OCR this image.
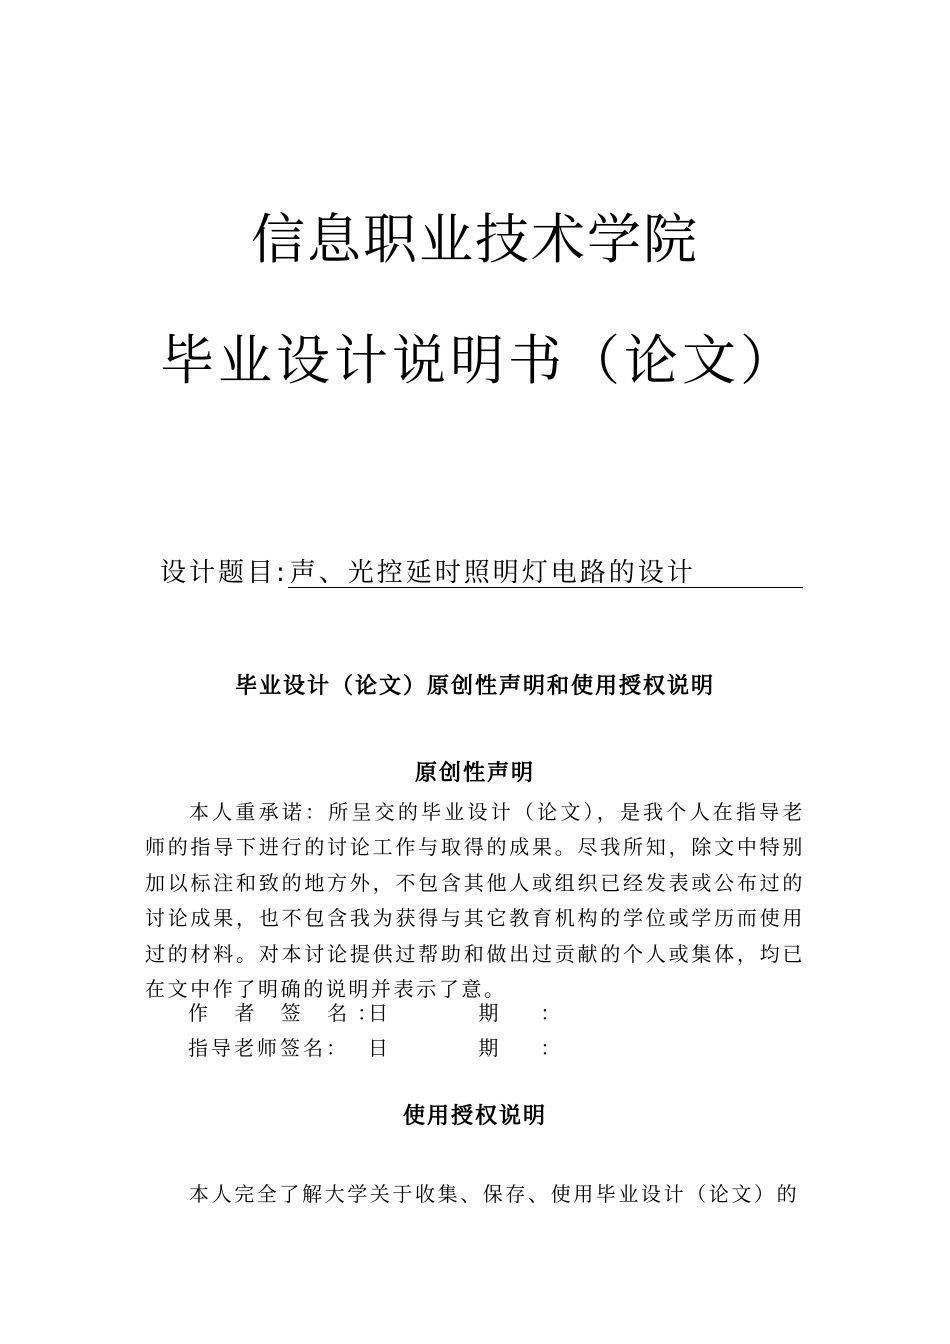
信息职业技术学院
毕业设计说明书（论文）
设计题目:声、光控延时照明灯电路的设计
毕业设计（论文）原创性声明和使用授权说明
原创性声明
本人重承诺：所呈交的毕业设计（论文），是我个人在指导老师的指导下进行的讨论工作与取得的成果。尽我所知，除文中特别加以标注和致的地方外，不包含其他人或组织已经发表或公布过的讨论成果，也不包含我为获得与其它教育机构的学位或学历而使用过的材料。对本讨论提供过帮助和做出过贡献的个人或集体，均已在文中作了明确的说明并表示了意。
作 者 签 名：日 期：
指导老师签名： 日 期：
使用授权说明
本人完全了解大学关于收集、保存、使用毕业设计（论文）的
